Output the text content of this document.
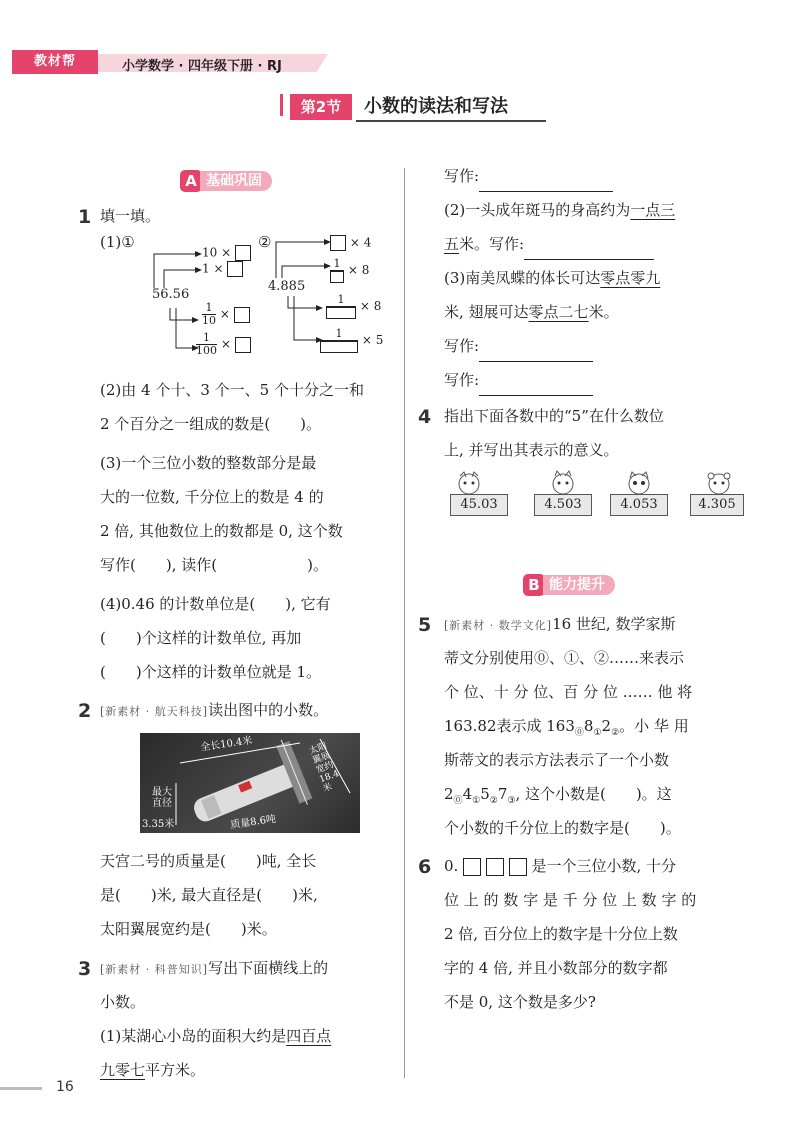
教材帮	小学数学 · 四年级下册 · RJ
第2节	小数的读法和写法
A 基础巩固
1 填一填。
(1)①
56.56
10 ×
1 ×
$\frac{1}{10}$ ×
$\frac{1}{100}$ ×
②
4.885
× 4
1 × 8
1	× 8
1	× 5
(2)由 4 个十、3 个一、5 个十分之一和
2 个百分之一组成的数是(　　)。
(3)一个三位小数的整数部分是最
大的一位数, 千分位上的数是 4 的
2 倍, 其他数位上的数都是 0, 这个数
写作(　　), 读作(　　　　　　)。
(4)0.46 的计数单位是(　　), 它有
(　　)个这样的计数单位, 再加
(　　)个这样的计数单位就是 1。
2 [新素材 · 航天科技]读出图中的小数。
全长10.4米
最大
直径
3.35米	质量8.6吨
太阳翼展宽约18.4米
天宫二号的质量是(　　)吨, 全长
是(　　)米, 最大直径是(　　)米,
太阳翼展宽约是(　　)米。
3 [新素材 · 科普知识]写出下面横线上的
小数。
(1)某湖心小岛的面积大约是四百点
九零七平方米。
写作:
(2)一头成年斑马的身高约为一点三
五米。写作:
(3)南美凤蝶的体长可达零点零九
米, 翅展可达零点二七米。
写作:
写作:
4 指出下面各数中的“5”在什么数位
上, 并写出其表示的意义。
45.03	4.503	4.053	4.305
B 能力提升
5 [新素材 · 数学文化]16 世纪, 数学家斯
蒂文分别使用⓪、①、②……来表示
个 位、十 分 位、百 分 位 …… 他 将
163.82表示成 $163_⓪8_①2_②$。小 华 用
斯蒂文的表示方法表示了一个小数
$2_⓪4_①5_②7_③$, 这个小数是(　　)。这
个小数的千分位上的数字是(　　)。
6 0.	是一个三位小数, 十分
位 上 的 数 字 是 千 分 位 上 数 字 的
2 倍, 百分位上的数字是十分位上数
字的 4 倍, 并且小数部分的数字都
不是 0, 这个数是多少?
16
